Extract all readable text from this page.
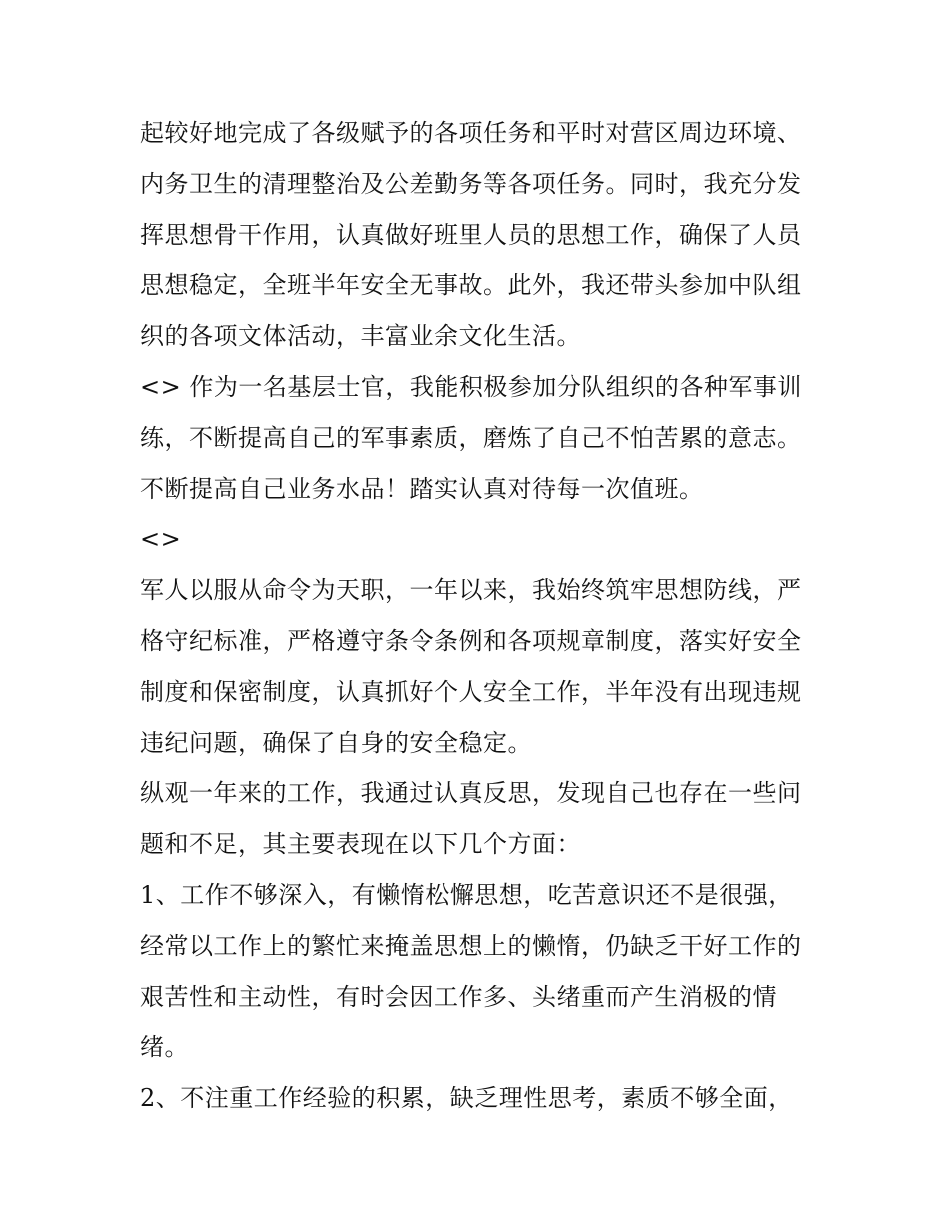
起较好地完成了各级赋予的各项任务和平时对营区周边环境、
内务卫生的清理整治及公差勤务等各项任务。同时，我充分发
挥思想骨干作用，认真做好班里人员的思想工作，确保了人员
思想稳定，全班半年安全无事故。此外，我还带头参加中队组
织的各项文体活动，丰富业余文化生活。
<> 作为一名基层士官，我能积极参加分队组织的各种军事训
练，不断提高自己的军事素质，磨炼了自己不怕苦累的意志。
不断提高自己业务水品！踏实认真对待每一次值班。
<>
军人以服从命令为天职，一年以来，我始终筑牢思想防线，严
格守纪标准，严格遵守条令条例和各项规章制度，落实好安全
制度和保密制度，认真抓好个人安全工作，半年没有出现违规
违纪问题，确保了自身的安全稳定。
纵观一年来的工作，我通过认真反思，发现自己也存在一些问
题和不足，其主要表现在以下几个方面：
1、工作不够深入，有懒惰松懈思想，吃苦意识还不是很强，
经常以工作上的繁忙来掩盖思想上的懒惰，仍缺乏干好工作的
艰苦性和主动性，有时会因工作多、头绪重而产生消极的情
绪。
2、不注重工作经验的积累，缺乏理性思考，素质不够全面，
